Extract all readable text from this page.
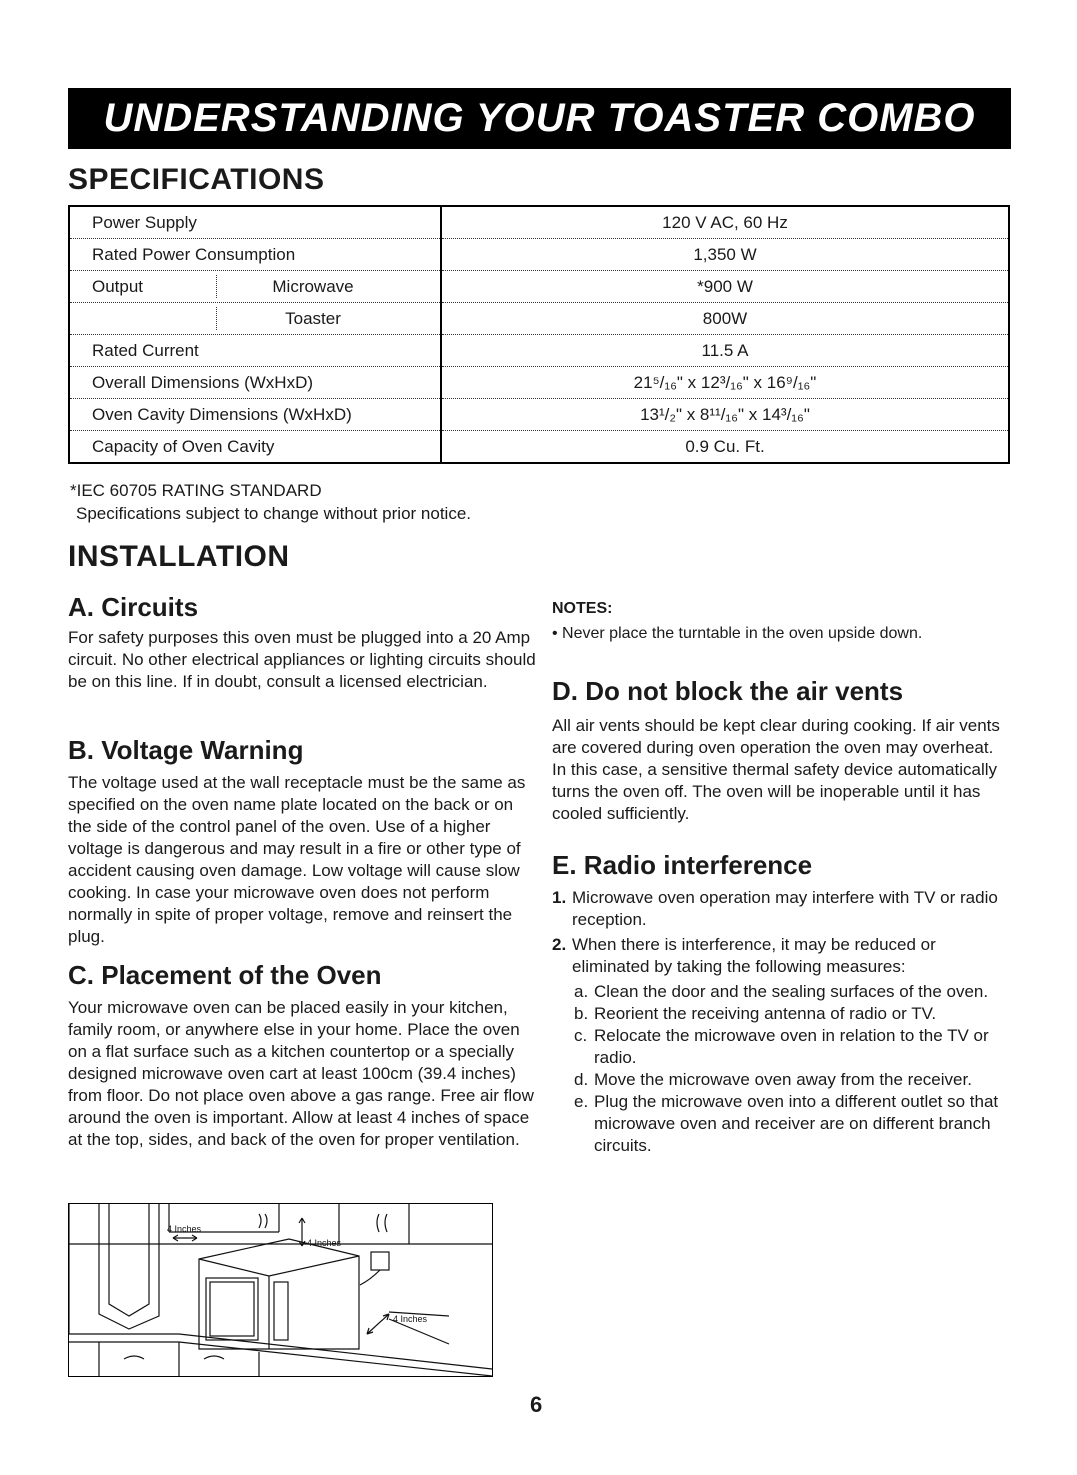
UNDERSTANDING YOUR TOASTER COMBO
SPECIFICATIONS
Power Supply	120 V AC, 60 Hz
Rated Power Consumption	1,350 W
Output Microwave	*900 W

Toaster	800W
Rated Current	11.5 A
Overall Dimensions (WxHxD)	21⁵/₁₆" x 12³/₁₆" x 16⁹/₁₆"
Oven Cavity Dimensions (WxHxD)	13¹/₂" x 8¹¹/₁₆" x 14³/₁₆"
Capacity of Oven Cavity	0.9 Cu. Ft.
*IEC 60705 RATING STANDARD
Specifications subject to change without prior notice.
INSTALLATION
A. Circuits

For safety purposes this oven must be plugged into a 20 Amp circuit. No other electrical appliances or lighting circuits should be on this line. If in doubt, consult a licensed electrician.

B. Voltage Warning

The voltage used at the wall receptacle must be the same as specified on the oven name plate located on the back or on the side of the control panel of the oven. Use of a higher voltage is dangerous and may result in a fire or other type of accident causing oven damage. Low voltage will cause slow cooking. In case your microwave oven does not perform normally in spite of proper voltage, remove and reinsert the plug.

C. Placement of the Oven

Your microwave oven can be placed easily in your kitchen, family room, or anywhere else in your home. Place the oven on a flat surface such as a kitchen countertop or a specially designed microwave oven cart at least 100cm (39.4 inches) from floor. Do not place oven above a gas range. Free air flow around the oven is important. Allow at least 4 inches of space at the top, sides, and back of the oven for proper ventilation.

4 Inches
4 Inches
4 Inches
NOTES:

• Never place the turntable in the oven upside down.

D. Do not block the air vents

All air vents should be kept clear during cooking. If air vents are covered during oven operation the oven may overheat. In this case, a sensitive thermal safety device automatically turns the oven off. The oven will be inoperable until it has cooled sufficiently.

E. Radio interference
1. Microwave oven operation may interfere with TV or radio reception.
2. When there is interference, it may be reduced or eliminated by taking the following measures:
a. Clean the door and the sealing surfaces of the oven.
b. Reorient the receiving antenna of radio or TV.
c. Relocate the microwave oven in relation to the TV or radio.
d. Move the microwave oven away from the receiver.
e. Plug the microwave oven into a different outlet so that microwave oven and receiver are on different branch circuits.
6
